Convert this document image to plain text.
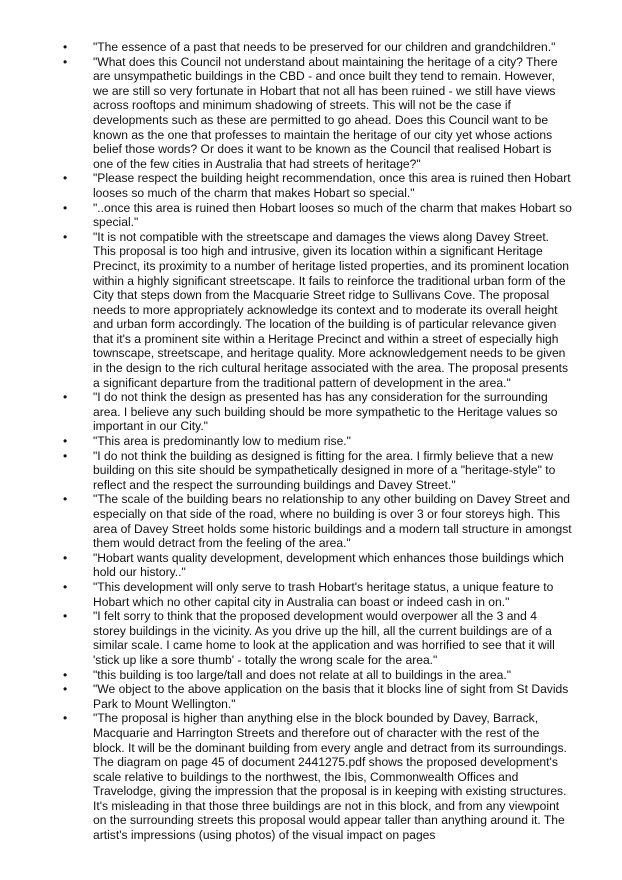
• "The essence of a past that needs to be preserved for our children and grandchildren."
• "What does this Council not understand about maintaining the heritage of a city? There are unsympathetic buildings in the CBD - and once built they tend to remain. However, we are still so very fortunate in Hobart that not all has been ruined - we still have views across rooftops and minimum shadowing of streets. This will not be the case if developments such as these are permitted to go ahead. Does this Council want to be known as the one that professes to maintain the heritage of our city yet whose actions belief those words? Or does it want to be known as the Council that realised Hobart is one of the few cities in Australia that had streets of heritage?"
• "Please respect the building height recommendation, once this area is ruined then Hobart looses so much of the charm that makes Hobart so special."
• "..once this area is ruined then Hobart looses so much of the charm that makes Hobart so special."
• "It is not compatible with the streetscape and damages the views along Davey Street. This proposal is too high and intrusive, given its location within a significant Heritage Precinct, its proximity to a number of heritage listed properties, and its prominent location within a highly significant streetscape. It fails to reinforce the traditional urban form of the City that steps down from the Macquarie Street ridge to Sullivans Cove. The proposal needs to more appropriately acknowledge its context and to moderate its overall height and urban form accordingly. The location of the building is of particular relevance given that it's a prominent site within a Heritage Precinct and within a street of especially high townscape, streetscape, and heritage quality. More acknowledgement needs to be given in the design to the rich cultural heritage associated with the area. The proposal presents a significant departure from the traditional pattern of development in the area."
• "I do not think the design as presented has has any consideration for the surrounding area. I believe any such building should be more sympathetic to the Heritage values so important in our City."
• "This area is predominantly low to medium rise."
• "I do not think the building as designed is fitting for the area. I firmly believe that a new building on this site should be sympathetically designed in more of a "heritage-style" to reflect and the respect the surrounding buildings and Davey Street."
• "The scale of the building bears no relationship to any other building on Davey Street and especially on that side of the road, where no building is over 3 or four storeys high. This area of Davey Street holds some historic buildings and a modern tall structure in amongst them would detract from the feeling of the area."
• "Hobart wants quality development, development which enhances those buildings which hold our history.."
• "This development will only serve to trash Hobart's heritage status, a unique feature to Hobart which no other capital city in Australia can boast or indeed cash in on."
• "I felt sorry to think that the proposed development would overpower all the 3 and 4 storey buildings in the vicinity. As you drive up the hill, all the current buildings are of a similar scale. I came home to look at the application and was horrified to see that it will 'stick up like a sore thumb' - totally the wrong scale for the area."
• "this building is too large/tall and does not relate at all to buildings in the area."
• "We object to the above application on the basis that it blocks line of sight from St Davids Park to Mount Wellington."
• "The proposal is higher than anything else in the block bounded by Davey, Barrack, Macquarie and Harrington Streets and therefore out of character with the rest of the block. It will be the dominant building from every angle and detract from its surroundings. The diagram on page 45 of document 2441275.pdf shows the proposed development's scale relative to buildings to the northwest, the Ibis, Commonwealth Offices and Travelodge, giving the impression that the proposal is in keeping with existing structures. It's misleading in that those three buildings are not in this block, and from any viewpoint on the surrounding streets this proposal would appear taller than anything around it. The artist's impressions (using photos) of the visual impact on pages
